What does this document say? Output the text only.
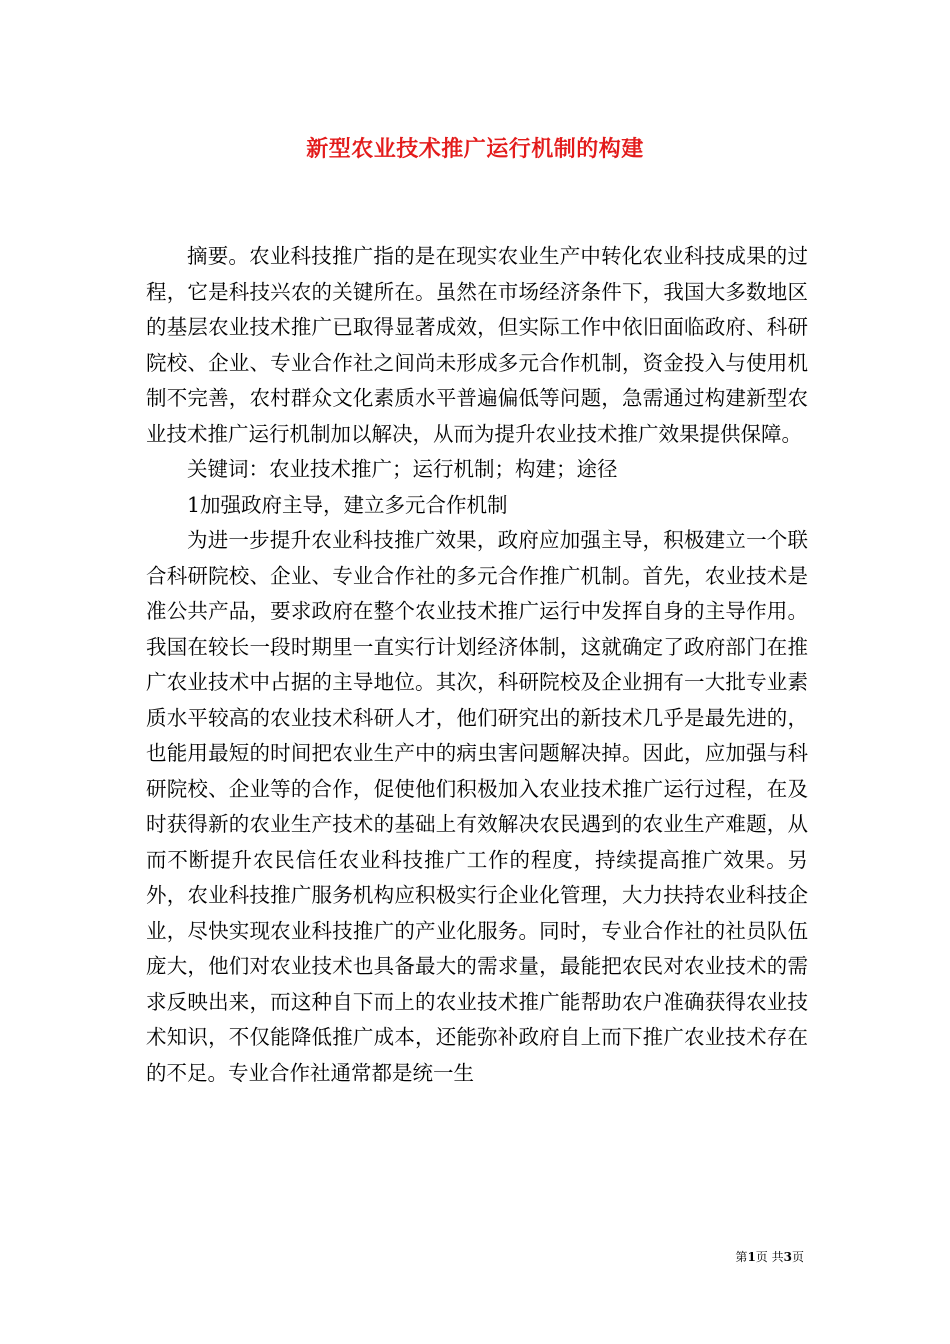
新型农业技术推广运行机制的构建

摘要。农业科技推广指的是在现实农业生产中转化农业科技成果的过程，它是科技兴农的关键所在。虽然在市场经济条件下，我国大多数地区的基层农业技术推广已取得显著成效，但实际工作中依旧面临政府、科研院校、企业、专业合作社之间尚未形成多元合作机制，资金投入与使用机制不完善，农村群众文化素质水平普遍偏低等问题，急需通过构建新型农业技术推广运行机制加以解决，从而为提升农业技术推广效果提供保障。

关键词：农业技术推广；运行机制；构建；途径

1加强政府主导，建立多元合作机制

为进一步提升农业科技推广效果，政府应加强主导，积极建立一个联合科研院校、企业、专业合作社的多元合作推广机制。首先，农业技术是准公共产品，要求政府在整个农业技术推广运行中发挥自身的主导作用。我国在较长一段时期里一直实行计划经济体制，这就确定了政府部门在推广农业技术中占据的主导地位。其次，科研院校及企业拥有一大批专业素质水平较高的农业技术科研人才，他们研究出的新技术几乎是最先进的，也能用最短的时间把农业生产中的病虫害问题解决掉。因此，应加强与科研院校、企业等的合作，促使他们积极加入农业技术推广运行过程，在及时获得新的农业生产技术的基础上有效解决农民遇到的农业生产难题，从而不断提升农民信任农业科技推广工作的程度，持续提高推广效果。另外，农业科技推广服务机构应积极实行企业化管理，大力扶持农业科技企业，尽快实现农业科技推广的产业化服务。同时，专业合作社的社员队伍庞大，他们对农业技术也具备最大的需求量，最能把农民对农业技术的需求反映出来，而这种自下而上的农业技术推广能帮助农户准确获得农业技术知识，不仅能降低推广成本，还能弥补政府自上而下推广农业技术存在的不足。专业合作社通常都是统一生

第1页 共3页
